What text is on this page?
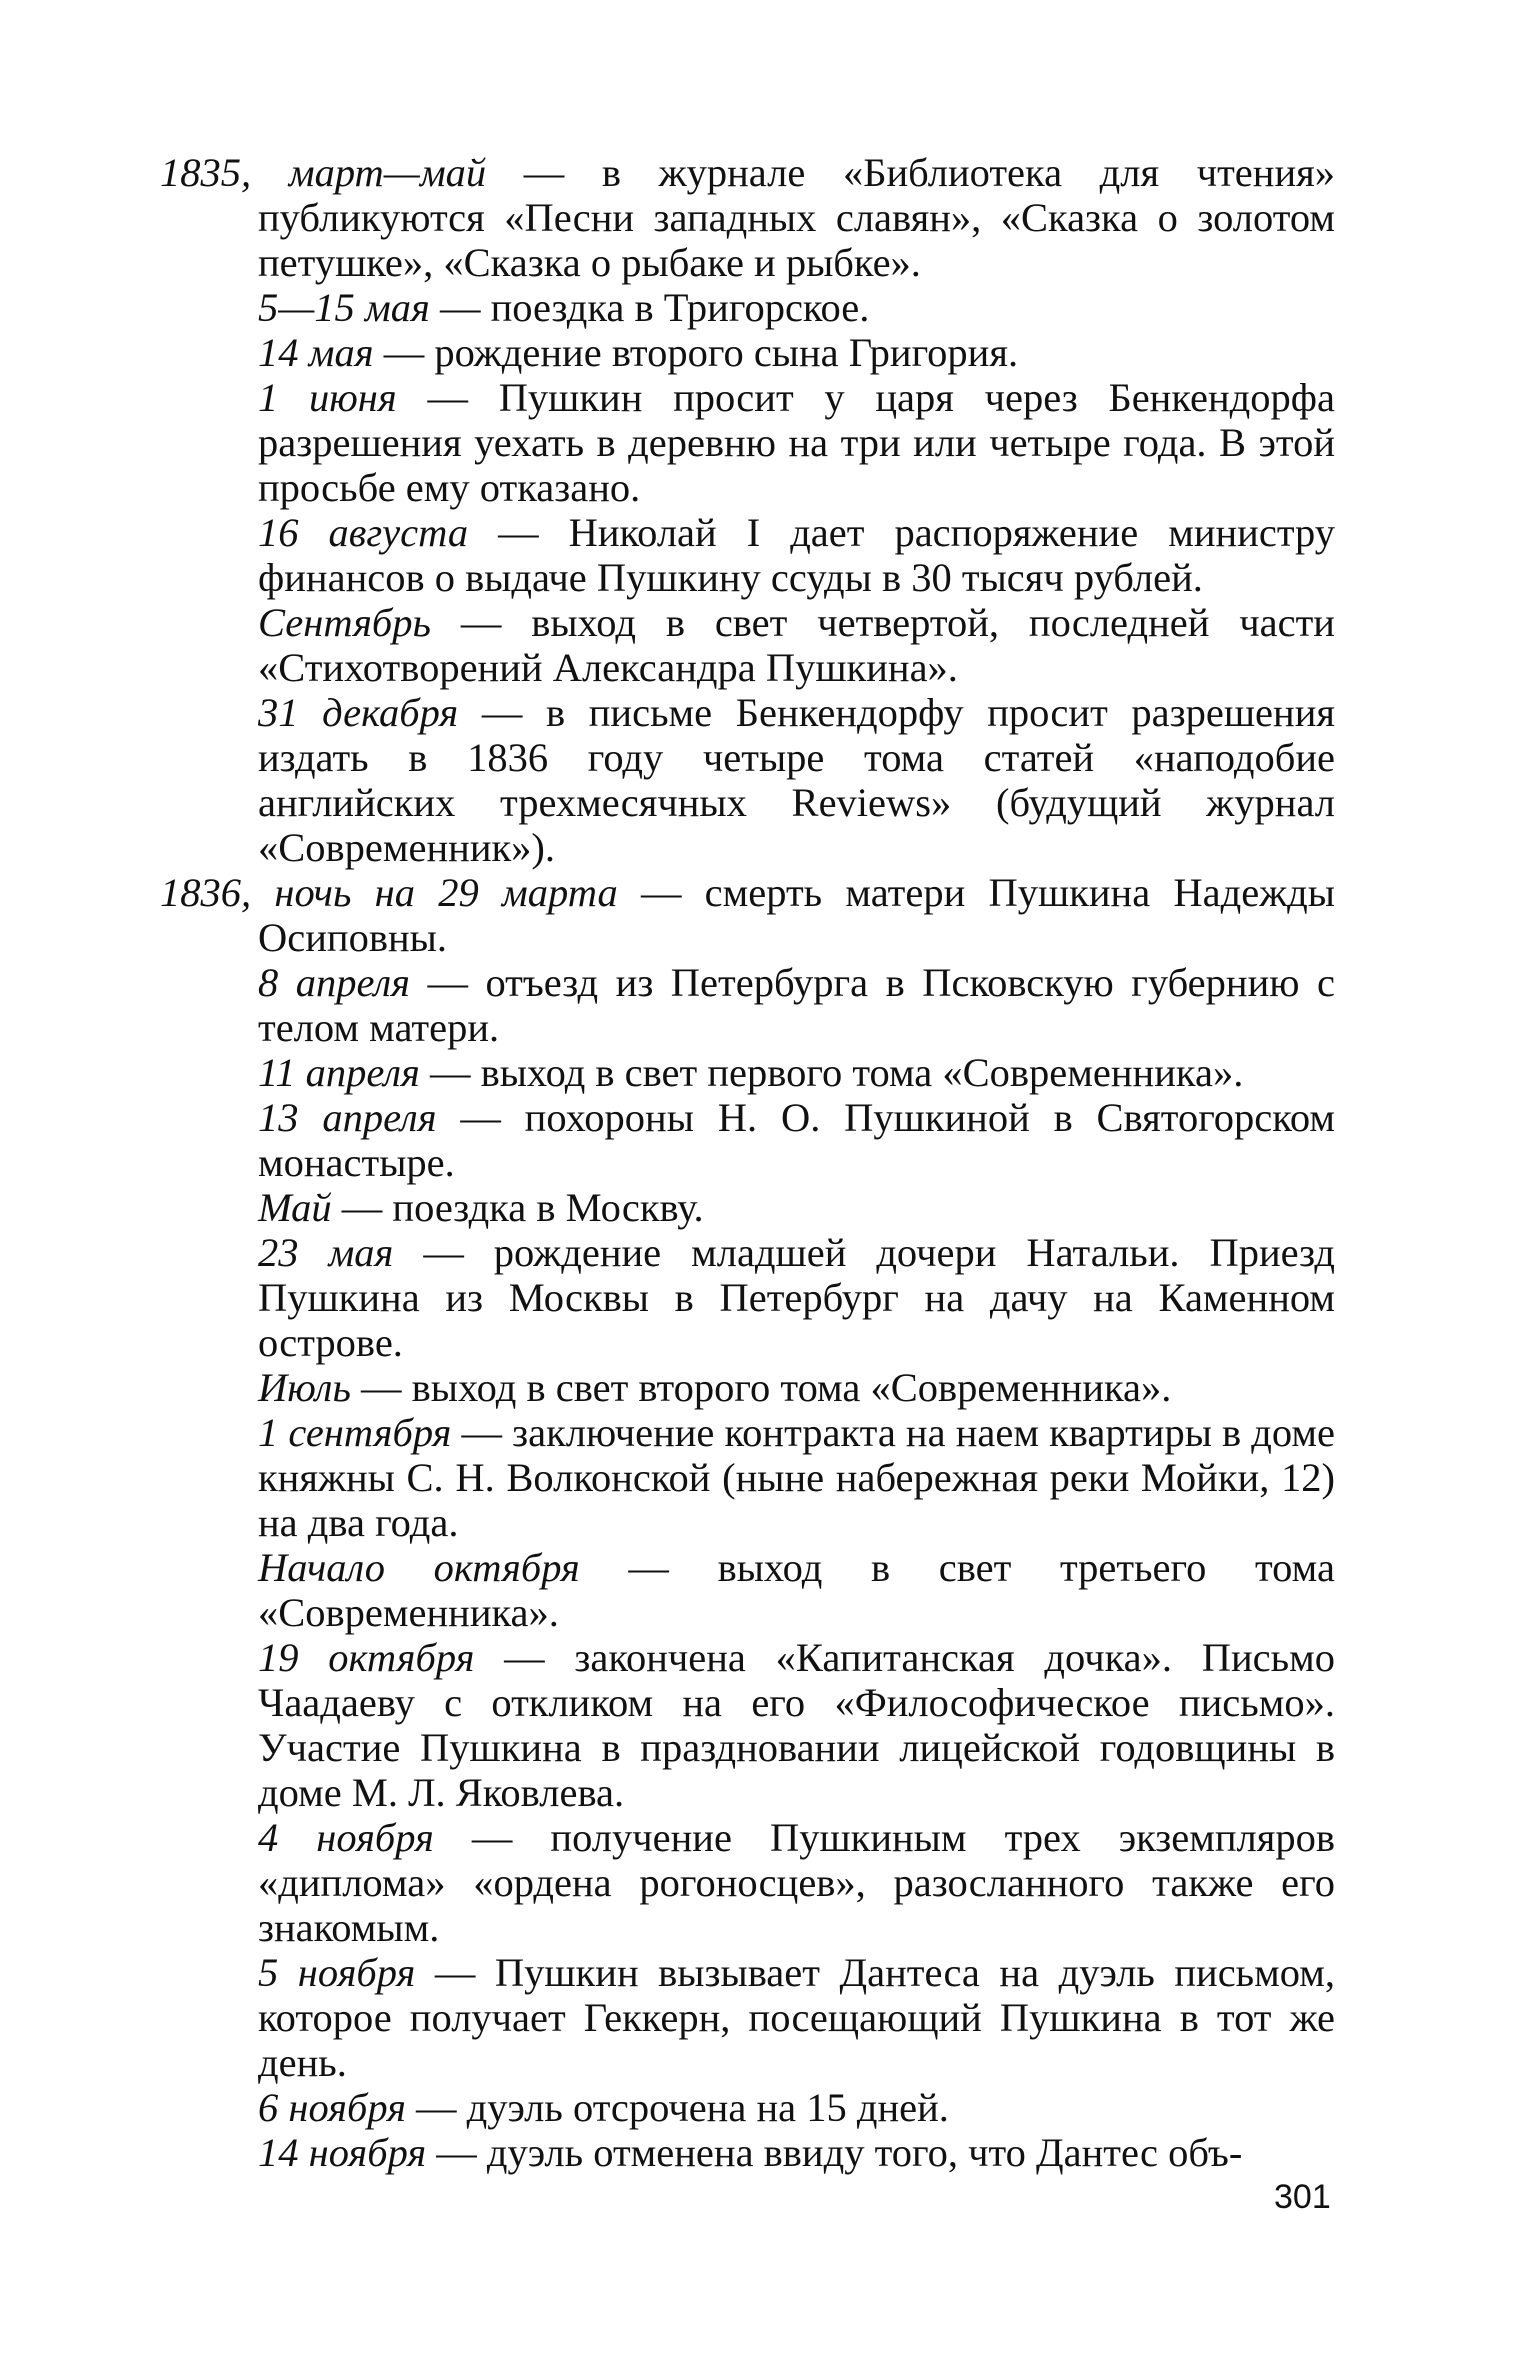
1835, март—май — в журнале «Библиотека для чтения» публикуются «Песни западных славян», «Сказка о золотом петушке», «Сказка о рыбаке и рыбке».

5—15 мая — поездка в Тригорское.

14 мая — рождение второго сына Григория.

1 июня — Пушкин просит у царя через Бенкендорфа разрешения уехать в деревню на три или четыре года. В этой просьбе ему отказано.

16 августа — Николай I дает распоряжение министру финансов о выдаче Пушкину ссуды в 30 тысяч рублей.

Сентябрь — выход в свет четвертой, последней части «Стихотворений Александра Пушкина».

31 декабря — в письме Бенкендорфу просит разрешения издать в 1836 году четыре тома статей «наподобие английских трехмесячных Reviews» (будущий журнал «Современник»).

1836, ночь на 29 марта — смерть матери Пушкина Надежды Осиповны.

8 апреля — отъезд из Петербурга в Псковскую губернию с телом матери.

11 апреля — выход в свет первого тома «Современника».

13 апреля — похороны Н. О. Пушкиной в Святогорском монастыре.

Май — поездка в Москву.

23 мая — рождение младшей дочери Натальи. Приезд Пушкина из Москвы в Петербург на дачу на Каменном острове.

Июль — выход в свет второго тома «Современника».

1 сентября — заключение контракта на наем квартиры в доме княжны С. Н. Волконской (ныне набережная реки Мойки, 12) на два года.

Начало октября — выход в свет третьего тома «Современника».

19 октября — закончена «Капитанская дочка». Письмо Чаадаеву с откликом на его «Философическое письмо». Участие Пушкина в праздновании лицейской годовщины в доме М. Л. Яковлева.

4 ноября — получение Пушкиным трех экземпляров «диплома» «ордена рогоносцев», разосланного также его знакомым.

5 ноября — Пушкин вызывает Дантеса на дуэль письмом, которое получает Геккерн, посещающий Пушкина в тот же день.

6 ноября — дуэль отсрочена на 15 дней.

14 ноября — дуэль отменена ввиду того, что Дантес объ-

301
